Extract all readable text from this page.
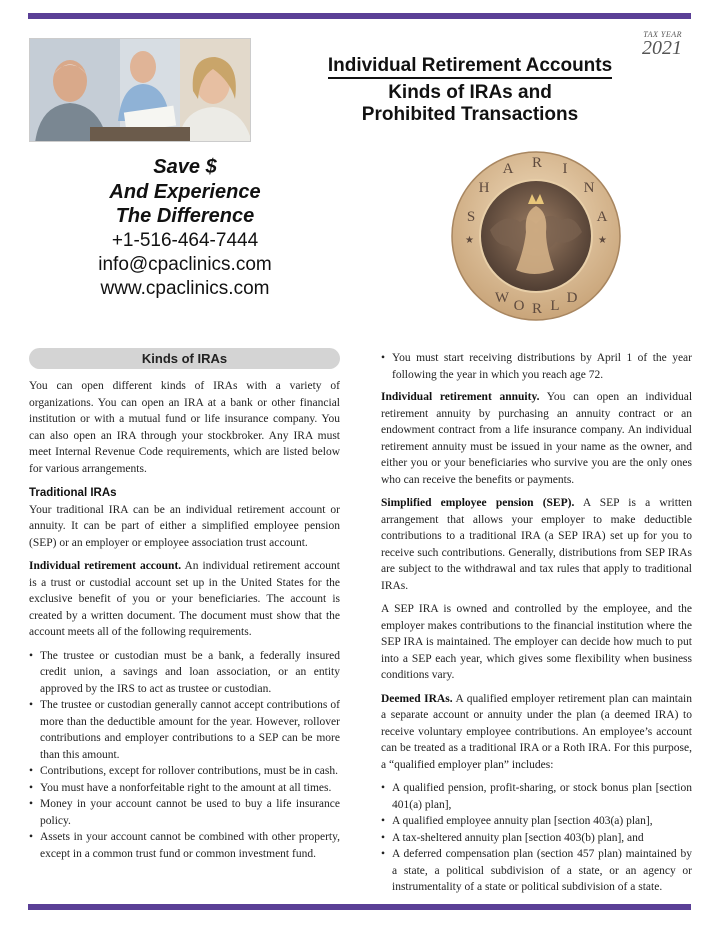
TAX YEAR
2021
Individual Retirement Accounts
Kinds of IRAs and
Prohibited Transactions
Save $
And Experience
The Difference
+1-516-464-7444
info@cpaclinics.com
www.cpaclinics.com
★	★
S
H
A R I
N
A
W O R L D
Kinds of IRAs

You can open different kinds of IRAs with a variety of organizations. You can open an IRA at a bank or other financial institution or with a mutual fund or life insurance company. You can also open an IRA through your stockbroker. Any IRA must meet Internal Revenue Code requirements, which are listed below for various arrangements.

Traditional IRAs

Your traditional IRA can be an individual retirement account or annuity. It can be part of either a simplified employee pension (SEP) or an employer or employee association trust account.

Individual retirement account. An individual retirement account is a trust or custodial account set up in the United States for the exclusive benefit of you or your beneficiaries. The account is created by a written document. The document must show that the account meets all of the following requirements.

• The trustee or custodian must be a bank, a federally insured credit union, a savings and loan association, or an entity approved by the IRS to act as trustee or custodian.
• The trustee or custodian generally cannot accept contributions of more than the deductible amount for the year. However, rollover contributions and employer contributions to a SEP can be more than this amount.
• Contributions, except for rollover contributions, must be in cash.
• You must have a nonforfeitable right to the amount at all times.
• Money in your account cannot be used to buy a life insurance policy.
• Assets in your account cannot be combined with other property, except in a common trust fund or common investment fund.
• You must start receiving distributions by April 1 of the year following the year in which you reach age 72.

Individual retirement annuity. You can open an individual retirement annuity by purchasing an annuity contract or an endowment contract from a life insurance company. An individual retirement annuity must be issued in your name as the owner, and either you or your beneficiaries who survive you are the only ones who can receive the benefits or payments.

Simplified employee pension (SEP). A SEP is a written arrangement that allows your employer to make deductible contributions to a traditional IRA (a SEP IRA) set up for you to receive such contributions. Generally, distributions from SEP IRAs are subject to the withdrawal and tax rules that apply to traditional IRAs.

A SEP IRA is owned and controlled by the employee, and the employer makes contributions to the financial institution where the SEP IRA is maintained. The employer can decide how much to put into a SEP each year, which gives some flexibility when business conditions vary.

Deemed IRAs. A qualified employer retirement plan can maintain a separate account or annuity under the plan (a deemed IRA) to receive voluntary employee contributions. An employee’s account can be treated as a traditional IRA or a Roth IRA. For this purpose, a “qualified employer plan” includes:

• A qualified pension, profit-sharing, or stock bonus plan [section 401(a) plan],
• A qualified employee annuity plan [section 403(a) plan],
• A tax-sheltered annuity plan [section 403(b) plan], and
• A deferred compensation plan (section 457 plan) maintained by a state, a political subdivision of a state, or an agency or instrumentality of a state or political subdivision of a state.
